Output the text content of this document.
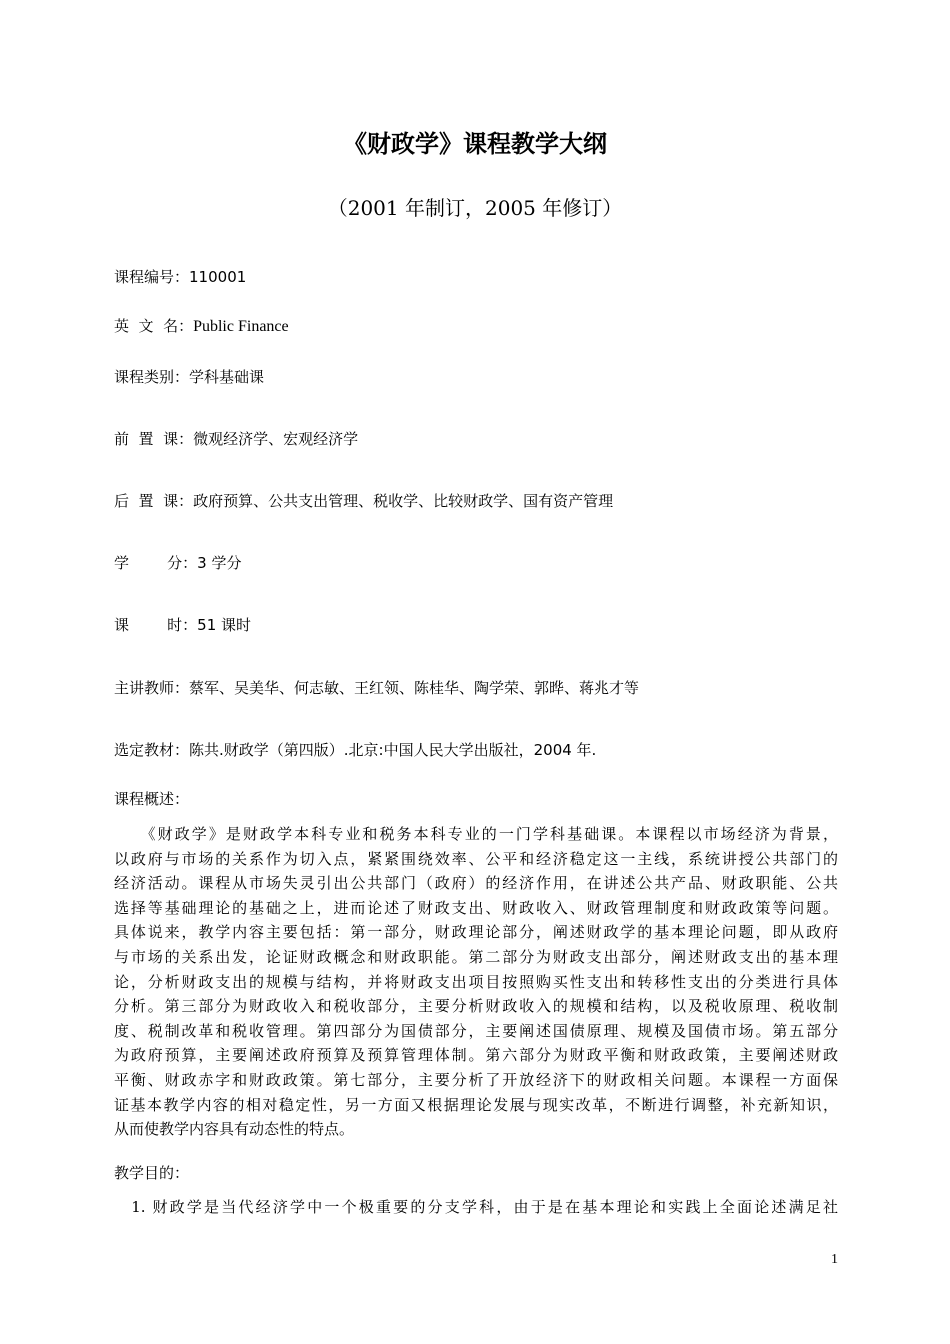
《财政学》课程教学大纲
（2001 年制订，2005 年修订）
课程编号：110001
英  文  名：Public Finance
课程类别：学科基础课
前  置  课：微观经济学、宏观经济学
后  置  课：政府预算、公共支出管理、税收学、比较财政学、国有资产管理
学        分：3 学分
课        时：51 课时
主讲教师：蔡军、吴美华、何志敏、王红领、陈桂华、陶学荣、郭晔、蒋兆才等
选定教材：陈共.财政学（第四版）.北京:中国人民大学出版社，2004 年.
课程概述：
　　《财政学》是财政学本科专业和税务本科专业的一门学科基础课。本课程以市场经济为背景，
以政府与市场的关系作为切入点，紧紧围绕效率、公平和经济稳定这一主线，系统讲授公共部门的
经济活动。课程从市场失灵引出公共部门（政府）的经济作用，在讲述公共产品、财政职能、公共
选择等基础理论的基础之上，进而论述了财政支出、财政收入、财政管理制度和财政政策等问题。
具体说来，教学内容主要包括：第一部分，财政理论部分，阐述财政学的基本理论问题，即从政府
与市场的关系出发，论证财政概念和财政职能。第二部分为财政支出部分，阐述财政支出的基本理
论，分析财政支出的规模与结构，并将财政支出项目按照购买性支出和转移性支出的分类进行具体
分析。第三部分为财政收入和税收部分，主要分析财政收入的规模和结构，以及税收原理、税收制
度、税制改革和税收管理。第四部分为国债部分，主要阐述国债原理、规模及国债市场。第五部分
为政府预算，主要阐述政府预算及预算管理体制。第六部分为财政平衡和财政政策，主要阐述财政
平衡、财政赤字和财政政策。第七部分，主要分析了开放经济下的财政相关问题。本课程一方面保
证基本教学内容的相对稳定性，另一方面又根据理论发展与现实改革，不断进行调整，补充新知识，
从而使教学内容具有动态性的特点。
教学目的：
　1. 财政学是当代经济学中一个极重要的分支学科，由于是在基本理论和实践上全面论述满足社
1
